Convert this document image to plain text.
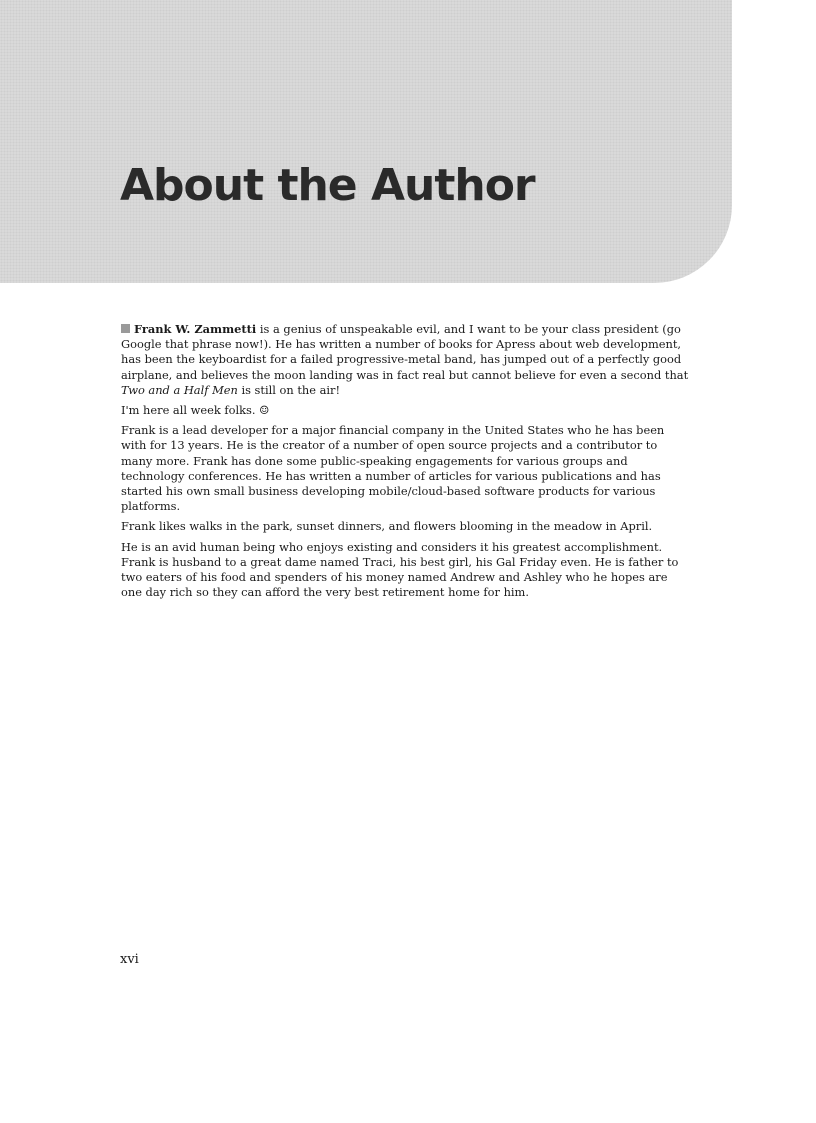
About the Author

Frank W. Zammetti is a genius of unspeakable evil, and I want to be your class president (go Google that phrase now!). He has written a number of books for Apress about web development, has been the keyboardist for a failed progressive-metal band, has jumped out of a perfectly good airplane, and believes the moon landing was in fact real but cannot believe for even a second that Two and a Half Men is still on the air!

I'm here all week folks. ☺

Frank is a lead developer for a major financial company in the United States who he has been with for 13 years. He is the creator of a number of open source projects and a contributor to many more. Frank has done some public-speaking engagements for various groups and technology conferences. He has written a number of articles for various publications and has started his own small business developing mobile/cloud-based software products for various platforms.

Frank likes walks in the park, sunset dinners, and flowers blooming in the meadow in April.

He is an avid human being who enjoys existing and considers it his greatest accomplishment. Frank is husband to a great dame named Traci, his best girl, his Gal Friday even. He is father to two eaters of his food and spenders of his money named Andrew and Ashley who he hopes are one day rich so they can afford the very best retirement home for him.

xvi
